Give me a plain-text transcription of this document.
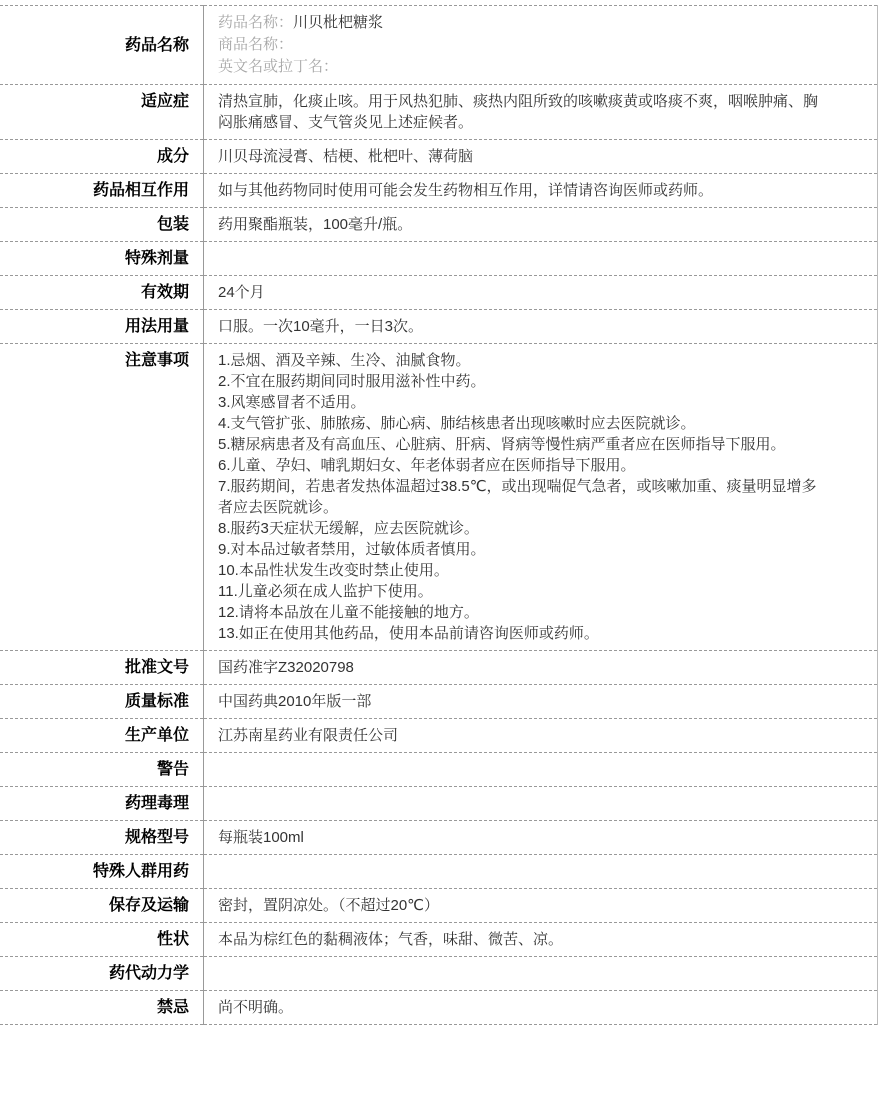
药品名称	药品名称：川贝枇杷糖浆
商品名称：
英文名或拉丁名：

适应症	清热宣肺，化痰止咳。用于风热犯肺、痰热内阻所致的咳嗽痰黄或咯痰不爽，咽喉肿痛、胸闷胀痛感冒、支气管炎见上述症候者。

成分	川贝母流浸膏、桔梗、枇杷叶、薄荷脑

药品相互作用	如与其他药物同时使用可能会发生药物相互作用，详情请咨询医师或药师。

包装	药用聚酯瓶装，100毫升/瓶。

特殊剂量	

有效期	24个月

用法用量	口服。一次10毫升，一日3次。

注意事项	1.忌烟、酒及辛辣、生冷、油腻食物。
2.不宜在服药期间同时服用滋补性中药。
3.风寒感冒者不适用。
4.支气管扩张、肺脓疡、肺心病、肺结核患者出现咳嗽时应去医院就诊。
5.糖尿病患者及有高血压、心脏病、肝病、肾病等慢性病严重者应在医师指导下服用。
6.儿童、孕妇、哺乳期妇女、年老体弱者应在医师指导下服用。
7.服药期间，若患者发热体温超过38.5℃，或出现喘促气急者，或咳嗽加重、痰量明显增多者应去医院就诊。
8.服药3天症状无缓解，应去医院就诊。
9.对本品过敏者禁用，过敏体质者慎用。
10.本品性状发生改变时禁止使用。
11.儿童必须在成人监护下使用。
12.请将本品放在儿童不能接触的地方。
13.如正在使用其他药品，使用本品前请咨询医师或药师。

批准文号	国药准字Z32020798

质量标准	中国药典2010年版一部

生产单位	江苏南星药业有限责任公司

警告	

药理毒理	

规格型号	每瓶装100ml

特殊人群用药	

保存及运输	密封，置阴凉处。（不超过20℃）

性状	本品为棕红色的黏稠液体；气香，味甜、微苦、凉。

药代动力学	

禁忌	尚不明确。
